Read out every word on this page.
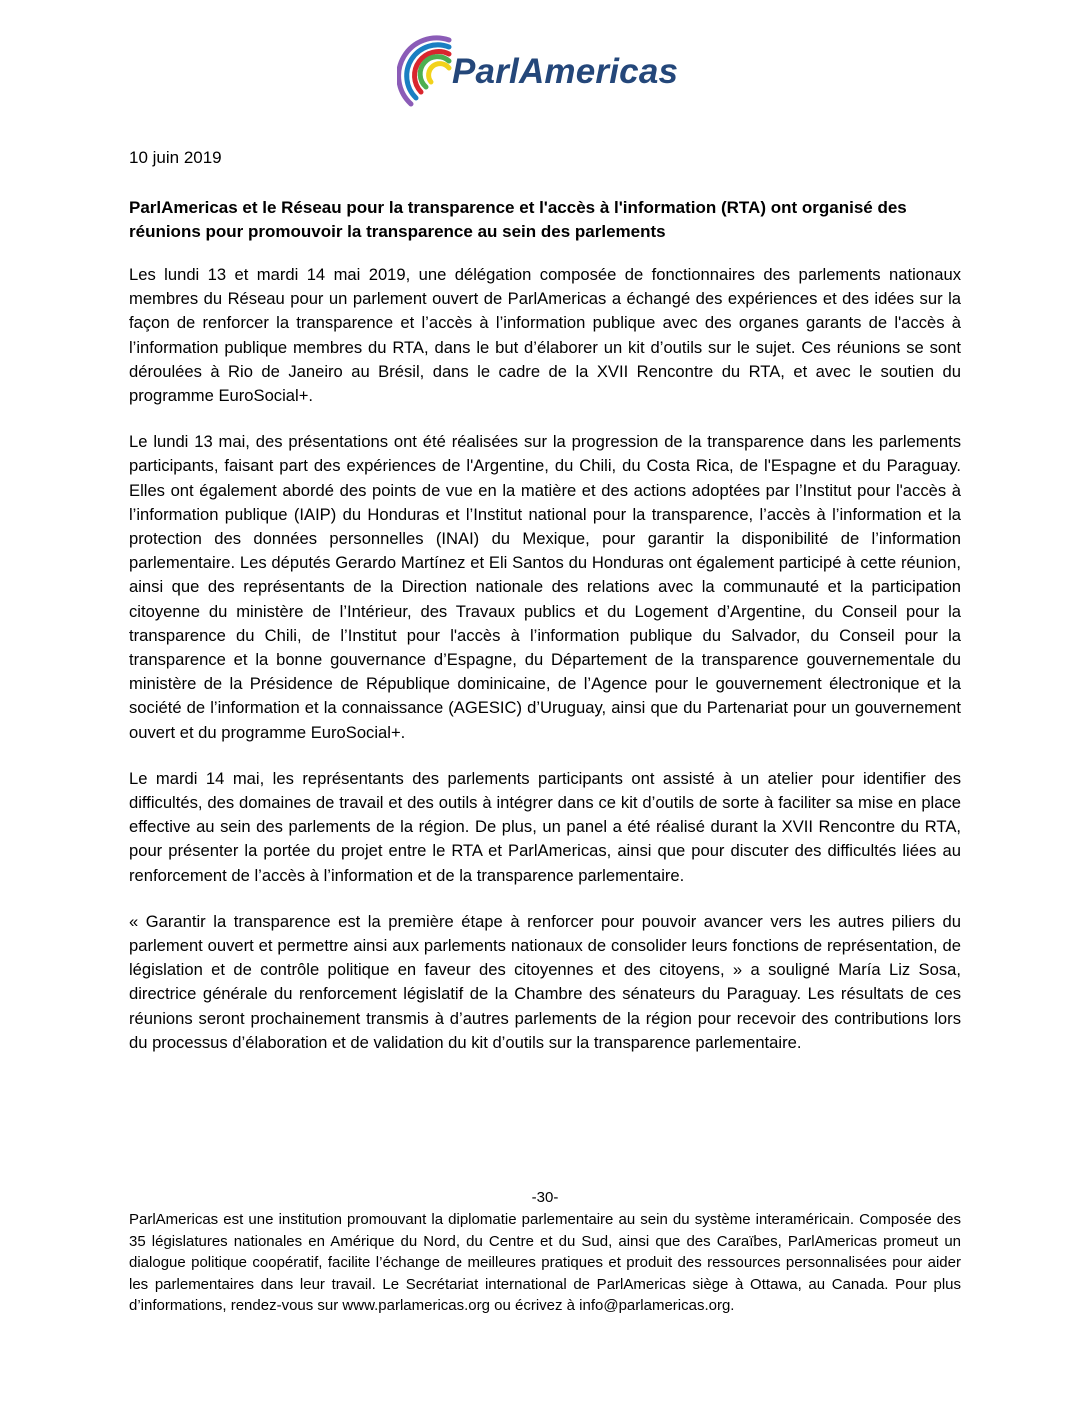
ParlAmericas

10 juin 2019

ParlAmericas et le Réseau pour la transparence et l'accès à l'information (RTA) ont organisé des réunions pour promouvoir la transparence au sein des parlements

Les lundi 13 et mardi 14 mai 2019, une délégation composée de fonctionnaires des parlements nationaux membres du Réseau pour un parlement ouvert de ParlAmericas a échangé des expériences et des idées sur la façon de renforcer la transparence et l’accès à l’information publique avec des organes garants de l'accès à l’information publique membres du RTA, dans le but d’élaborer un kit d’outils sur le sujet. Ces réunions se sont déroulées à Rio de Janeiro au Brésil, dans le cadre de la XVII Rencontre du RTA, et avec le soutien du programme EuroSocial+.

Le lundi 13 mai, des présentations ont été réalisées sur la progression de la transparence dans les parlements participants, faisant part des expériences de l'Argentine, du Chili, du Costa Rica, de l'Espagne et du Paraguay. Elles ont également abordé des points de vue en la matière et des actions adoptées par l’Institut pour l'accès à l’information publique (IAIP) du Honduras et l’Institut national pour la transparence, l’accès à l’information et la protection des données personnelles (INAI) du Mexique, pour garantir la disponibilité de l’information parlementaire. Les députés Gerardo Martínez et Eli Santos du Honduras ont également participé à cette réunion, ainsi que des représentants de la Direction nationale des relations avec la communauté et la participation citoyenne du ministère de l’Intérieur, des Travaux publics et du Logement d’Argentine, du Conseil pour la transparence du Chili, de l’Institut pour l'accès à l’information publique du Salvador, du Conseil pour la transparence et la bonne gouvernance d’Espagne, du Département de la transparence gouvernementale du ministère de la Présidence de République dominicaine, de l’Agence pour le gouvernement électronique et la société de l’information et la connaissance (AGESIC) d’Uruguay, ainsi que du Partenariat pour un gouvernement ouvert et du programme EuroSocial+.

Le mardi 14 mai, les représentants des parlements participants ont assisté à un atelier pour identifier des difficultés, des domaines de travail et des outils à intégrer dans ce kit d’outils de sorte à faciliter sa mise en place effective au sein des parlements de la région. De plus, un panel a été réalisé durant la XVII Rencontre du RTA, pour présenter la portée du projet entre le RTA et ParlAmericas, ainsi que pour discuter des difficultés liées au renforcement de l’accès à l’information et de la transparence parlementaire.

« Garantir la transparence est la première étape à renforcer pour pouvoir avancer vers les autres piliers du parlement ouvert et permettre ainsi aux parlements nationaux de consolider leurs fonctions de représentation, de législation et de contrôle politique en faveur des citoyennes et des citoyens, » a souligné María Liz Sosa, directrice générale du renforcement législatif de la Chambre des sénateurs du Paraguay. Les résultats de ces réunions seront prochainement transmis à d’autres parlements de la région pour recevoir des contributions lors du processus d’élaboration et de validation du kit d’outils sur la transparence parlementaire.

-30-

ParlAmericas est une institution promouvant la diplomatie parlementaire au sein du système interaméricain. Composée des 35 législatures nationales en Amérique du Nord, du Centre et du Sud, ainsi que des Caraïbes, ParlAmericas promeut un dialogue politique coopératif, facilite l’échange de meilleures pratiques et produit des ressources personnalisées pour aider les parlementaires dans leur travail. Le Secrétariat international de ParlAmericas siège à Ottawa, au Canada. Pour plus d’informations, rendez-vous sur www.parlamericas.org ou écrivez à info@parlamericas.org.
